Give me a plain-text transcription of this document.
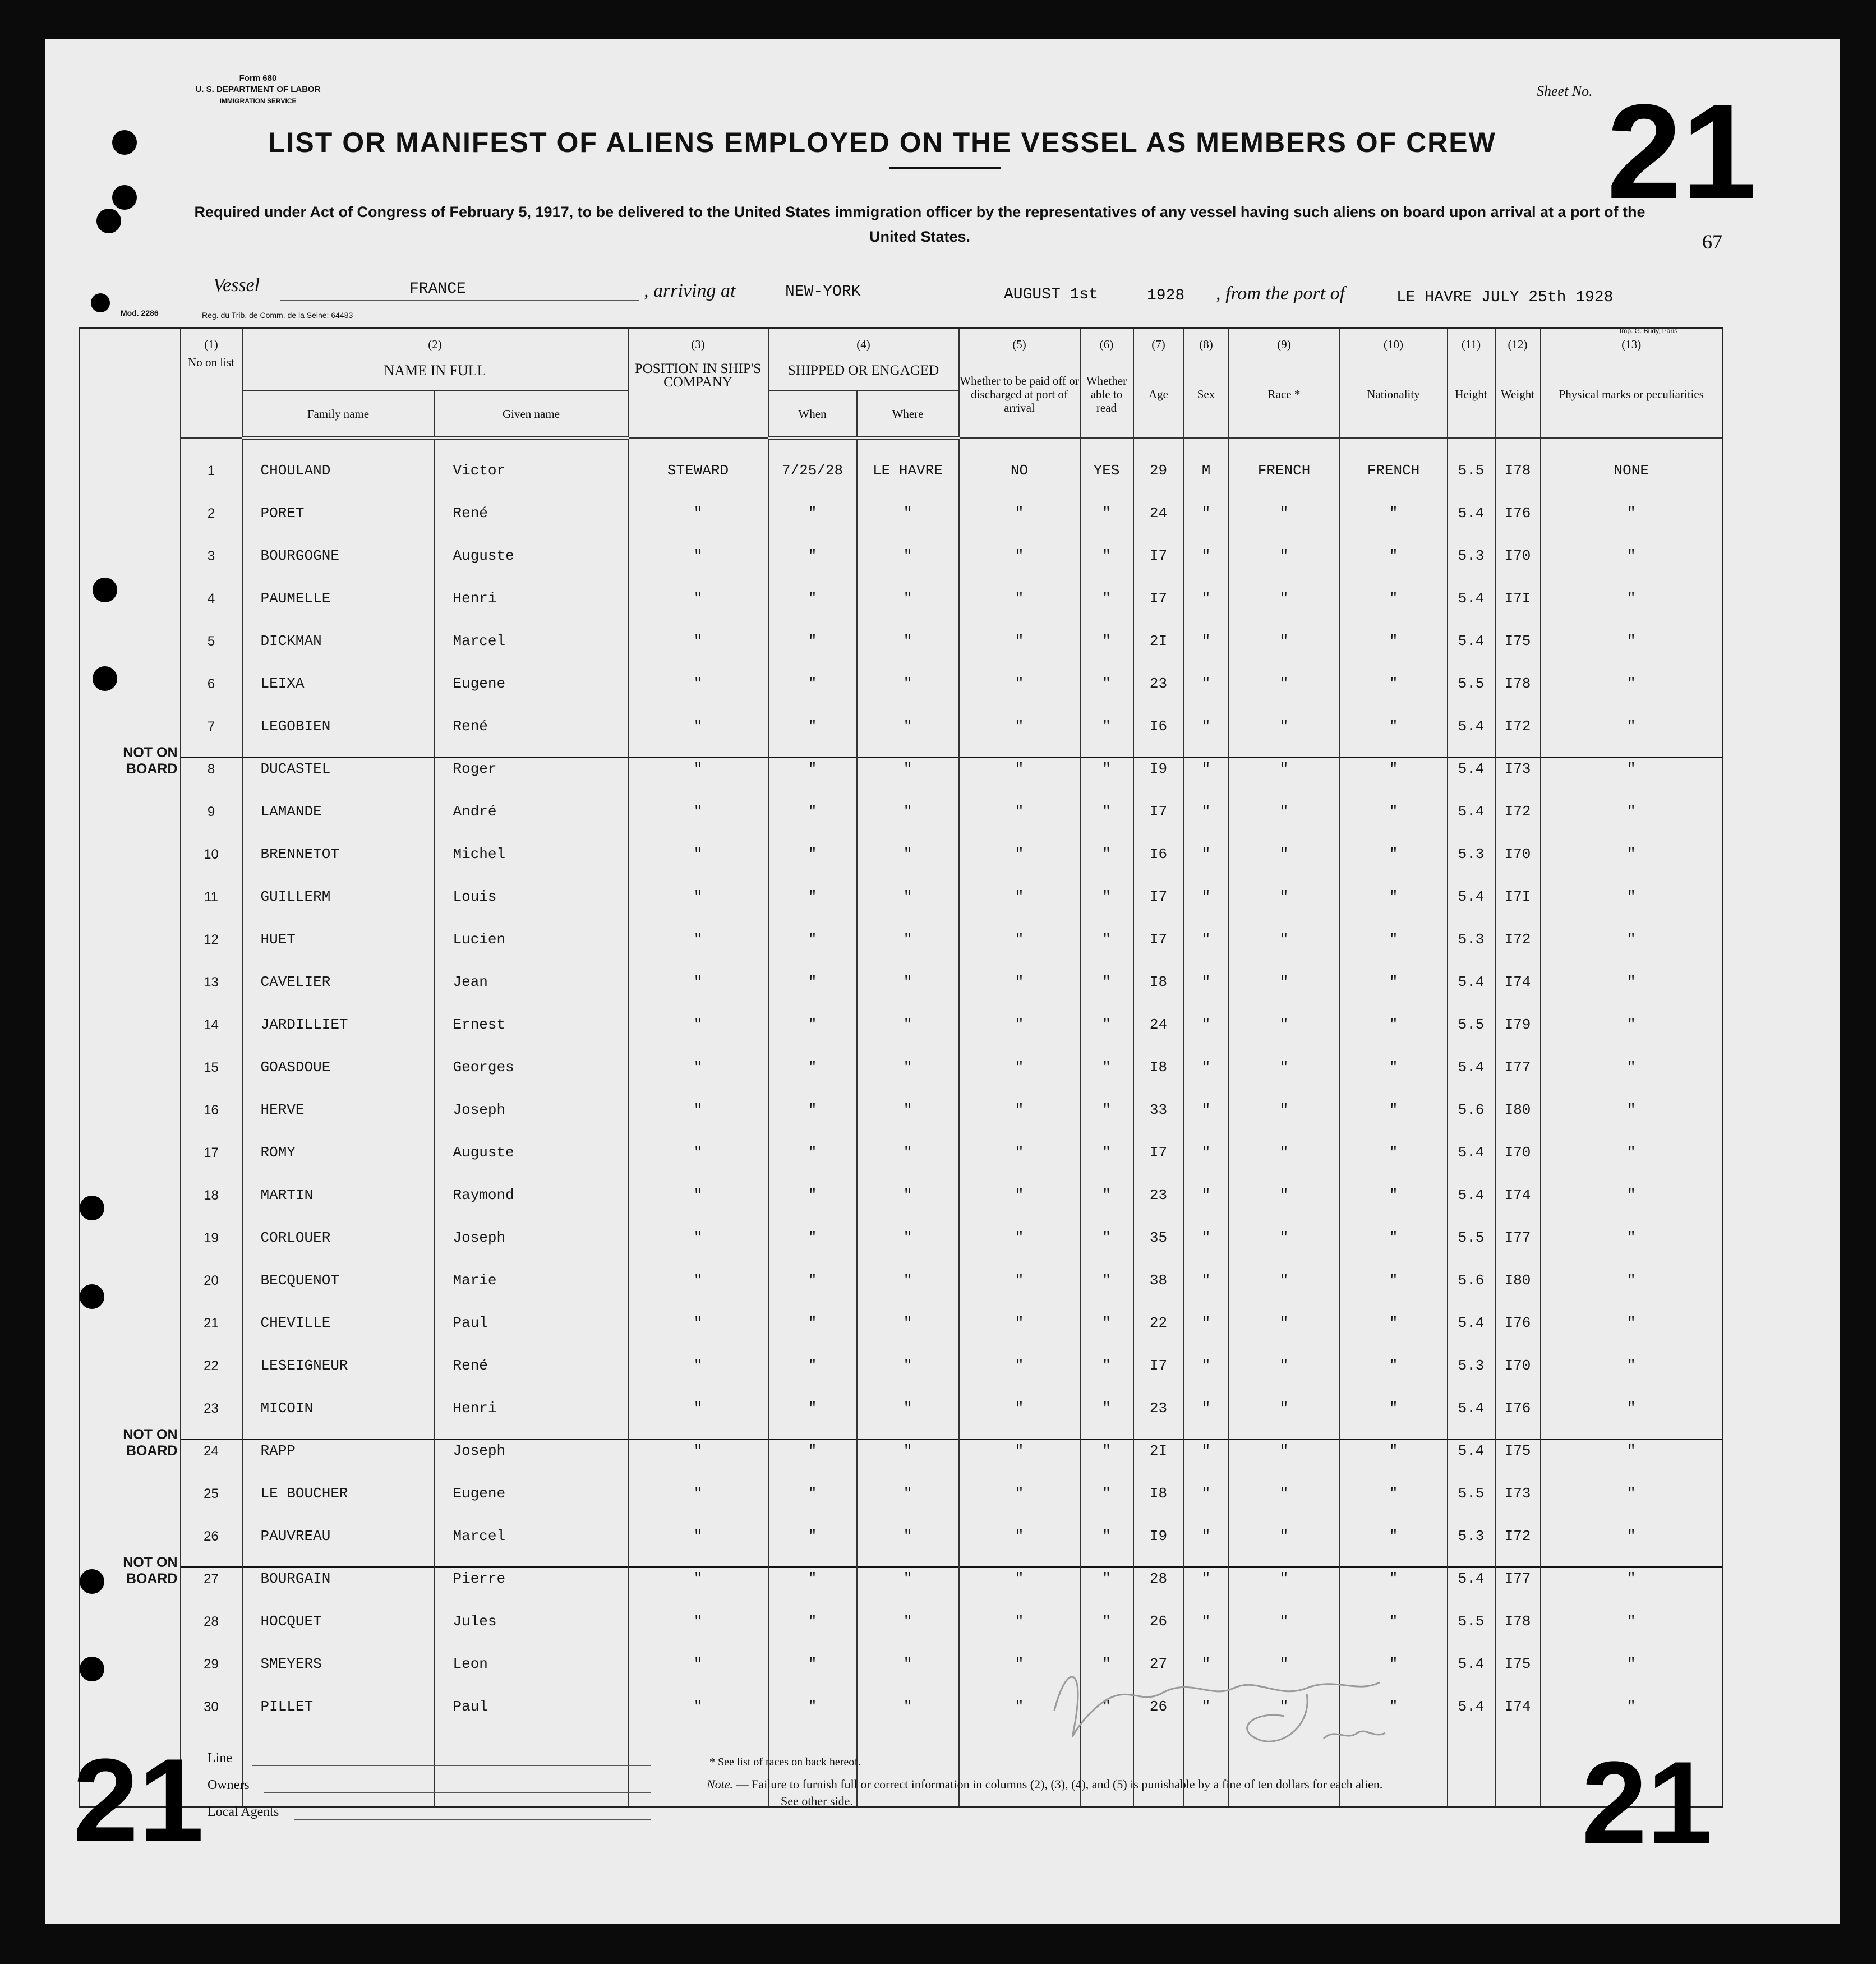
Form 680
U. S. DEPARTMENT OF LABOR
IMMIGRATION SERVICE
Sheet No. 21
67
LIST OR MANIFEST OF ALIENS EMPLOYED ON THE VESSEL AS MEMBERS OF CREW
Required under Act of Congress of February 5, 1917, to be delivered to the United States immigration officer by the representatives of any vessel having such aliens on board upon arrival at a port of the United States.
Vessel	FRANCE	, arriving at	NEW-YORK	AUGUST 1st	1928 , from the port of	LE HAVRE JULY 25th 1928
Mod. 2286	Reg. du Trib. de Comm. de la Seine: 64483
Imp. G. Budy, Paris
	(1)	(2)		(3)	(4)		(5)	(6)	(7)	(8)	(9)	(10)	(11)	(12)	(13)
	No on list	NAME IN FULL		POSITION IN SHIP'S COMPANY	SHIPPED OR ENGAGED		Whether to be paid off or discharged at port of arrival	Whether able to read	Age	Sex	Race *	Nationality	Height	Weight	Physical marks or peculiarities
		Family name	Given name		When	Where									
	1	CHOULAND	Victor	STEWARD	7/25/28	LE HAVRE	NO	YES	29	M	FRENCH	FRENCH	5.5	I78	NONE
	2	PORET	René	"	"	"	"	"	24	"	"	"	5.4	I76	"
	3	BOURGOGNE	Auguste	"	"	"	"	"	I7	"	"	"	5.3	I70	"
	4	PAUMELLE	Henri	"	"	"	"	"	I7	"	"	"	5.4	I7I	"
	5	DICKMAN	Marcel	"	"	"	"	"	2I	"	"	"	5.4	I75	"
	6	LEIXA	Eugene	"	"	"	"	"	23	"	"	"	5.5	I78	"
	7	LEGOBIEN	René	"	"	"	"	"	I6	"	"	"	5.4	I72	"
NOT ON BOARD	8	DUCASTEL	Roger	"	"	"	"	"	I9	"	"	"	5.4	I73	"
	9	LAMANDE	André	"	"	"	"	"	I7	"	"	"	5.4	I72	"
	10	BRENNETOT	Michel	"	"	"	"	"	I6	"	"	"	5.3	I70	"
	11	GUILLERM	Louis	"	"	"	"	"	I7	"	"	"	5.4	I7I	"
	12	HUET	Lucien	"	"	"	"	"	I7	"	"	"	5.3	I72	"
	13	CAVELIER	Jean	"	"	"	"	"	I8	"	"	"	5.4	I74	"
	14	JARDILLIET	Ernest	"	"	"	"	"	24	"	"	"	5.5	I79	"
	15	GOASDOUE	Georges	"	"	"	"	"	I8	"	"	"	5.4	I77	"
	16	HERVE	Joseph	"	"	"	"	"	33	"	"	"	5.6	I80	"
	17	ROMY	Auguste	"	"	"	"	"	I7	"	"	"	5.4	I70	"
	18	MARTIN	Raymond	"	"	"	"	"	23	"	"	"	5.4	I74	"
	19	CORLOUER	Joseph	"	"	"	"	"	35	"	"	"	5.5	I77	"
	20	BECQUENOT	Marie	"	"	"	"	"	38	"	"	"	5.6	I80	"
	21	CHEVILLE	Paul	"	"	"	"	"	22	"	"	"	5.4	I76	"
	22	LESEIGNEUR	René	"	"	"	"	"	I7	"	"	"	5.3	I70	"
	23	MICOIN	Henri	"	"	"	"	"	23	"	"	"	5.4	I76	"
NOT ON BOARD	24	RAPP	Joseph	"	"	"	"	"	2I	"	"	"	5.4	I75	"
	25	LE BOUCHER	Eugene	"	"	"	"	"	I8	"	"	"	5.5	I73	"
	26	PAUVREAU	Marcel	"	"	"	"	"	I9	"	"	"	5.3	I72	"
NOT ON BOARD	27	BOURGAIN	Pierre	"	"	"	"	"	28	"	"	"	5.4	I77	"
	28	HOCQUET	Jules	"	"	"	"	"	26	"	"	"	5.5	I78	"
	29	SMEYERS	Leon	"	"	"	"	"	27	"	"	"	5.4	I75	"
	30	PILLET	Paul	"	"	"	"	"	26	"	"	"	5.4	I74	"

21	21
Line
Owners
Local Agents
* See list of races on back hereof.
Note. — Failure to furnish full or correct information in columns (2), (3), (4), and (5) is punishable by a fine of ten dollars for each alien.
See other side.
